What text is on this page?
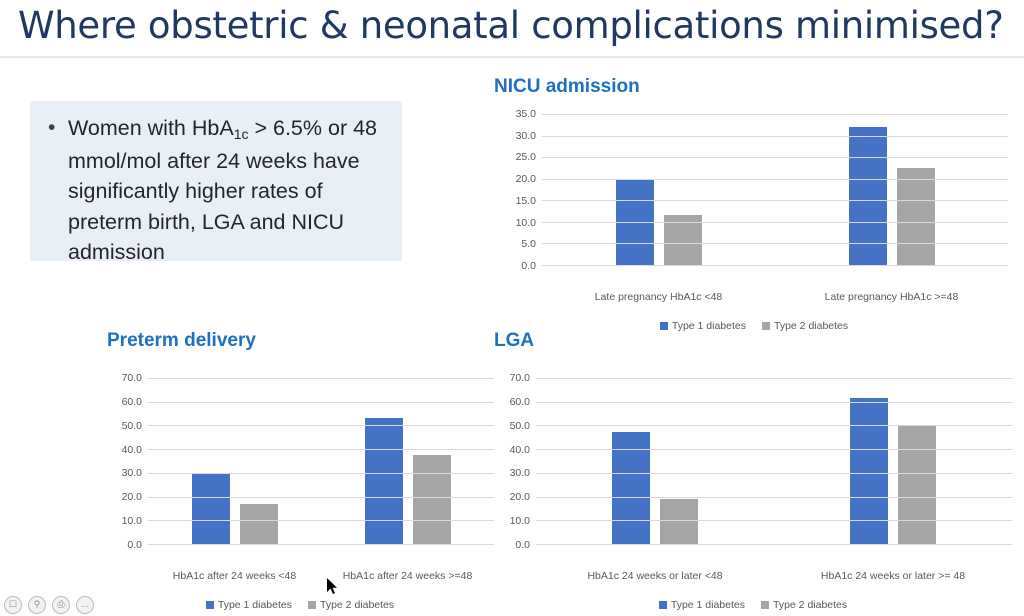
Where obstetric & neonatal complications minimised?
• Women with HbA$_{1c}$ > 6.5% or 48 mmol/mol after 24 weeks have significantly higher rates of preterm birth, LGA and NICU admission
NICU admission
0.0
5.0
10.0
15.0
20.0
25.0
30.0
35.0
Late pregnancy HbA1c <48	Late pregnancy HbA1c >=48
Type 1 diabetes	Type 2 diabetes
Preterm delivery
0.0
10.0
20.0
30.0
40.0
50.0
60.0
70.0
HbA1c after 24 weeks <48	HbA1c after 24 weeks >=48
Type 1 diabetes	Type 2 diabetes
LGA
0.0
10.0
20.0
30.0
40.0
50.0
60.0
70.0
HbA1c 24 weeks or later <48	HbA1c 24 weeks or later >= 48
Type 1 diabetes	Type 2 diabetes
☐	⚲	⎙	…
